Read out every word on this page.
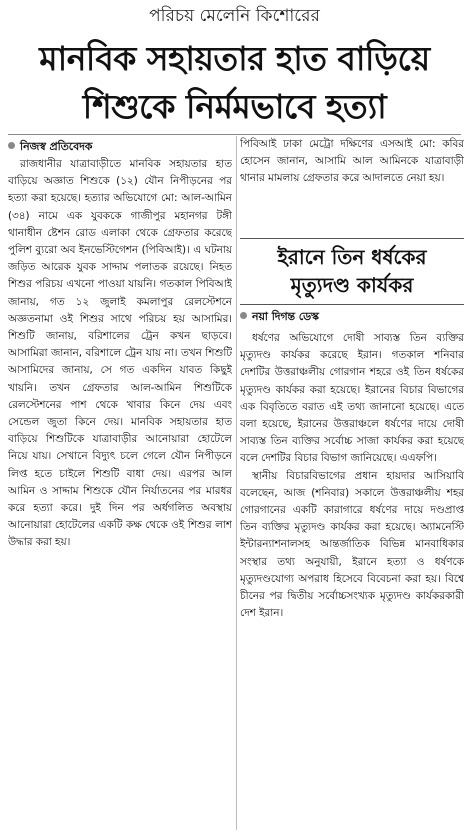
পরিচয় মেলেনি কিশোরের
মানবিক সহায়তার হাত বাড়িয়ে
শিশুকে নির্মমভাবে হত্যা
নিজস্ব প্রতিবেদক

রাজধানীর যাত্রাবাড়ীতে মানবিক সহায়তার হাত বাড়িয়ে অজ্ঞাত শিশুকে (১২) যৌন নিপীড়নের পর হত্যা করা হয়েছে। হত্যার অভিযোগে মো: আল-আমিন (৩৪) নামে এক যুবককে গাজীপুর মহানগর টঙ্গী থানাধীন ষ্টেশন রোড এলাকা থেকে গ্রেফতার করেছে পুলিশ ব্যুরো অব ইনভেস্টিগেশন (পিবিআই)। এ ঘটনায় জড়িত আরেক যুবক সাদ্দাম পলাতক রয়েছে। নিহত শিশুর পরিচয় এখনো পাওয়া যায়নি। গতকাল পিবিআই জানায়, গত ১২ জুলাই কমলাপুর রেলস্টেশনে অজ্ঞতনামা ওই শিশুর সাথে পরিচয় হয় আসামির। শিশুটি জানায়, বরিশালের ট্রেন কখন ছাড়বে। আসামিরা জানান, বরিশালে ট্রেন যায় না। তখন শিশুটি আসামিদের জানায়, সে গত একদিন যাবত কিছুই খায়নি। তখন গ্রেফতার আল-আমিন শিশুটিকে রেলস্টেশনের পাশ থেকে খাবার কিনে দেয় এবং সেন্ডেল জুতা কিনে দেয়। মানবিক সহায়তার হাত বাড়িয়ে শিশুটিকে যাত্রাবাড়ীর আনোয়ারা হোটেলে নিয়ে যায়। সেখানে বিদ্যুৎ চলে গেলে যৌন নিপীড়নে লিপ্ত হতে চাইলে শিশুটি বাধা দেয়। এরপর আল আমিন ও সাদ্দাম শিশুকে যৌন নির্যাতনের পর মারধর করে হত্যা করে। দুই দিন পর অর্ধগলিত অবস্থায় আনোয়ারা হোটেলের একটি কক্ষ থেকে ওই শিশুর লাশ উদ্ধার করা হয়।

পিবিআই ঢাকা মেট্রো দক্ষিণের এসআই মো: কবির হোসেন জানান, আসামি আল আমিনকে যাত্রাবাড়ী থানার মামলায় গ্রেফতার করে আদালতে নেয়া হয়।

ইরানে তিন ধর্ষকের
মৃত্যুদণ্ড কার্যকর
নয়া দিগন্ত ডেস্ক

ধর্ষণের অভিযোগে দোষী সাব্যস্ত তিন ব্যক্তির মৃত্যুদণ্ড কার্যকর করেছে ইরান। গতকাল শনিবার দেশটির উত্তরাঞ্চলীয় গোরগান শহরে ওই তিন ধর্ষকের মৃত্যুদণ্ড কার্যকর করা হয়েছে। ইরানের বিচার বিভাগের এক বিবৃতিতে বরাত এই তথ্য জানানো হয়েছে। এতে বলা হয়েছে, ইরানের উত্তরাঞ্চলে ধর্ষণের দায়ে দোষী সাব্যস্ত তিন ব্যক্তির সর্বোচ্চ সাজা কার্যকর করা হয়েছে বলে দেশটির বিচার বিভাগ জানিয়েছে। এএফপি।

স্থানীয় বিচারবিভাগের প্রধান হায়দার আসিয়াবি বলেছেন, আজ (শনিবার) সকালে উত্তরাঞ্চলীয় শহর গোরগানের একটি কারাগারে ধর্ষণের দায়ে দণ্ডপ্রাপ্ত তিন ব্যক্তির মৃত্যুদণ্ড কার্যকর করা হয়েছে। অ্যামনেস্টি ইন্টারন্যাশনালসহ আন্তর্জাতিক বিভিন্ন মানবাধিকার সংস্থার তথ্য অনুযায়ী, ইরানে হত্যা ও ধর্ষণকে মৃত্যুদণ্ডযোগ্য অপরাধ হিসেবে বিবেচনা করা হয়। বিশ্বে চীনের পর দ্বিতীয় সর্বোচ্চসংখ্যক মৃত্যুদণ্ড কার্যকরকারী দেশ ইরান।
